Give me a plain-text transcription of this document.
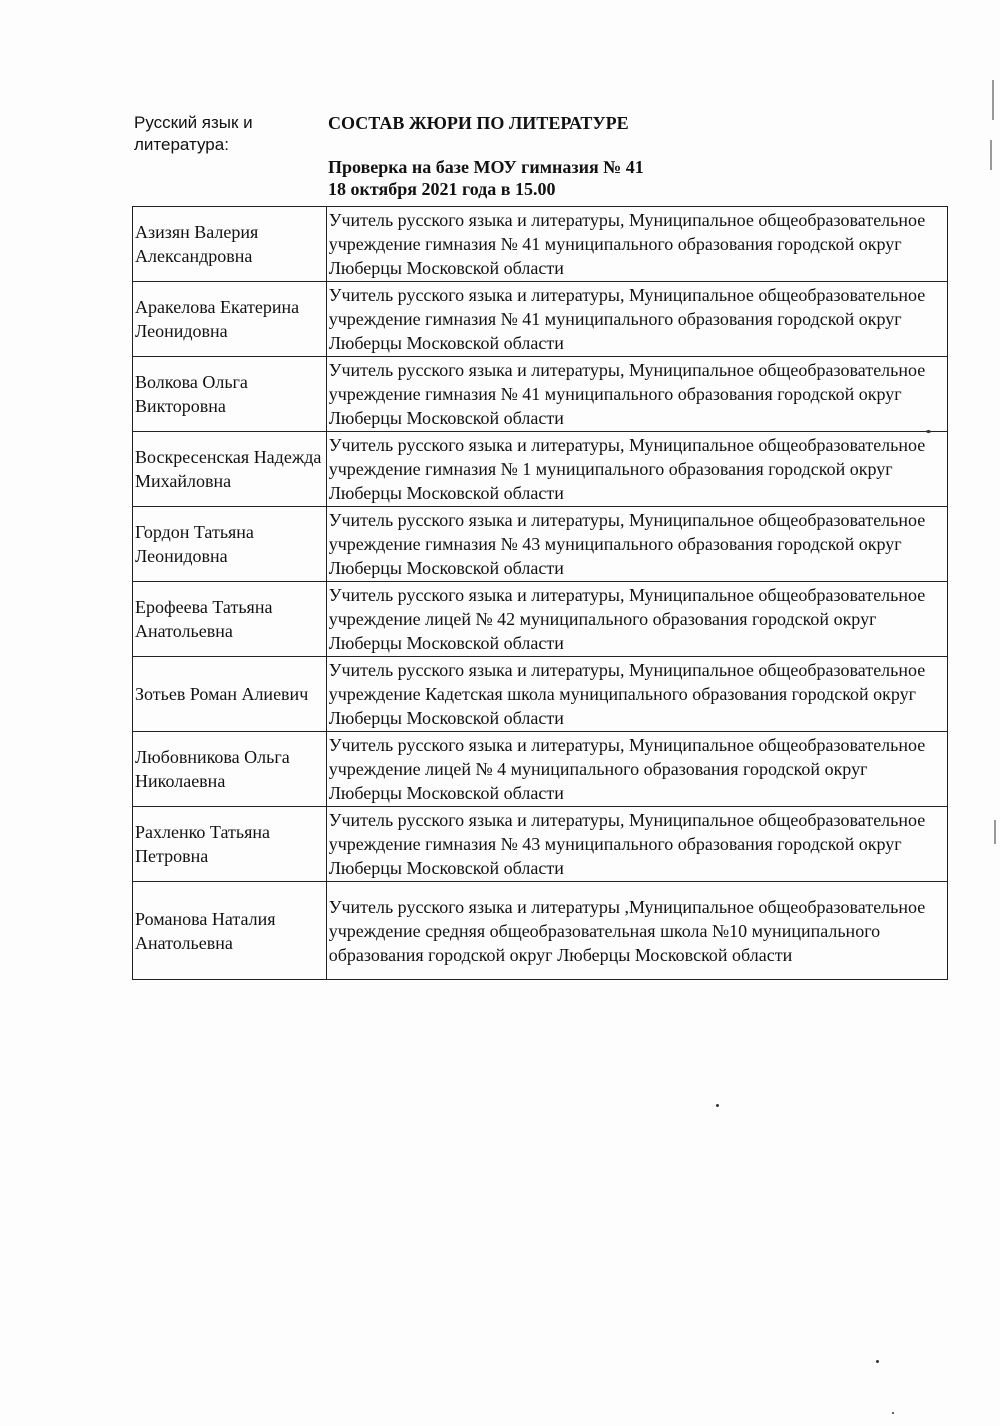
Русский язык и литература:
СОСТАВ ЖЮРИ ПО ЛИТЕРАТУРЕ
Проверка на базе МОУ гимназия № 41
18 октября 2021 года в 15.00
Азизян Валерия Александровна	Учитель русского языка и литературы, Муниципальное общеобразовательное учреждение гимназия № 41 муниципального образования городской округ Люберцы Московской области
Аракелова Екатерина Леонидовна	Учитель русского языка и литературы, Муниципальное общеобразовательное учреждение гимназия № 41 муниципального образования городской округ Люберцы Московской области
Волкова Ольга Викторовна	Учитель русского языка и литературы, Муниципальное общеобразовательное учреждение гимназия № 41 муниципального образования городской округ Люберцы Московской области
Воскресенская Надежда Михайловна	Учитель русского языка и литературы, Муниципальное общеобразовательное учреждение гимназия № 1 муниципального образования городской округ Люберцы Московской области
Гордон Татьяна Леонидовна	Учитель русского языка и литературы, Муниципальное общеобразовательное учреждение гимназия № 43 муниципального образования городской округ Люберцы Московской области
Ерофеева Татьяна Анатольевна	Учитель русского языка и литературы, Муниципальное общеобразовательное учреждение лицей № 42 муниципального образования городской округ Люберцы Московской области
Зотьев Роман Алиевич	Учитель русского языка и литературы, Муниципальное общеобразовательное учреждение Кадетская школа муниципального образования городской округ Люберцы Московской области
Любовникова Ольга Николаевна	Учитель русского языка и литературы, Муниципальное общеобразовательное учреждение лицей № 4 муниципального образования городской округ Люберцы Московской области
Рахленко Татьяна Петровна	Учитель русского языка и литературы, Муниципальное общеобразовательное учреждение гимназия № 43 муниципального образования городской округ Люберцы Московской области
Романова Наталия Анатольевна	Учитель русского языка и литературы ,Муниципальное общеобразовательное учреждение средняя общеобразовательная школа №10 муниципального образования городской округ Люберцы Московской области
